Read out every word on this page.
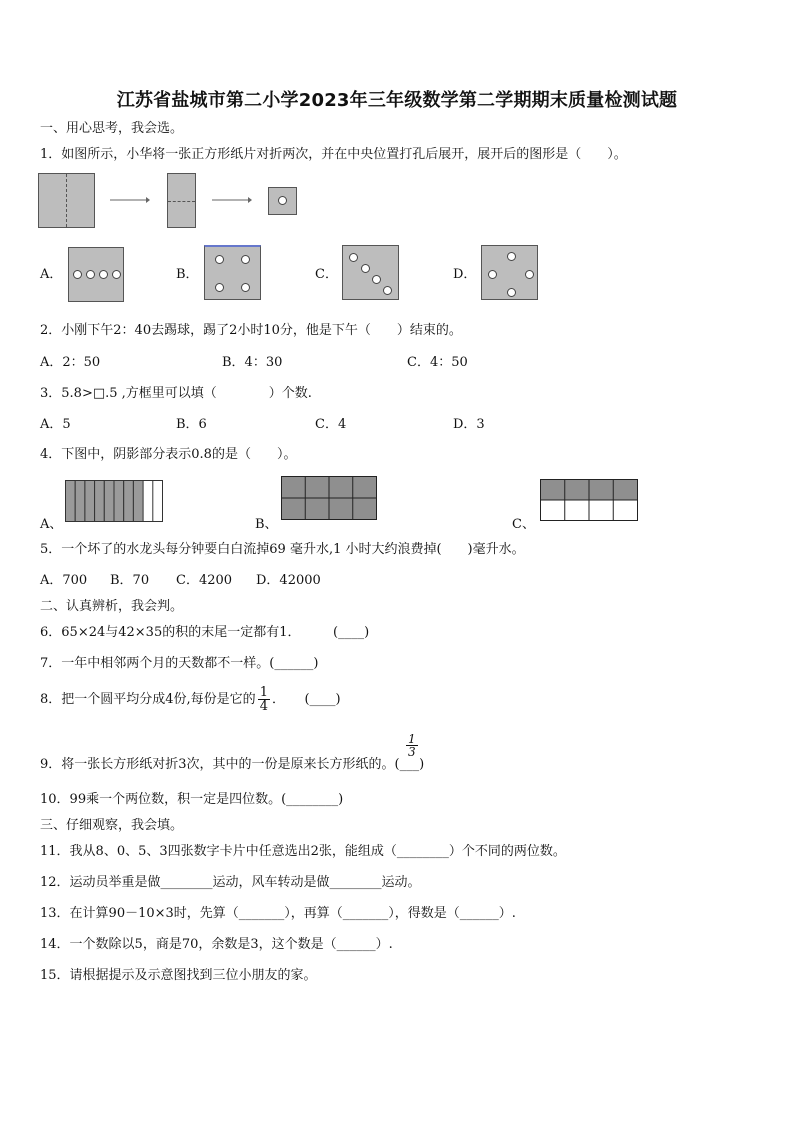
江苏省盐城市第二小学2023年三年级数学第二学期期末质量检测试题
一、用心思考，我会选。
1．如图所示，小华将一张正方形纸片对折两次，并在中央位置打孔后展开，展开后的图形是（　　）。
A．	B．	C．	D．
2．小刚下午2：40去踢球，踢了2小时10分，他是下午（　　）结束的。
A．2：50	B．4：30	C．4：50
3．5.8>□.5 ,方框里可以填（　　　　）个数.
A．5	B．6	C．4	D．3
4．下图中，阴影部分表示0.8的是（　　）。
A、	B、	C、
5．一个坏了的水龙头每分钟要白白流掉69 毫升水,1 小时大约浪费掉(　　)毫升水。
A．700 B．70 C．4200 D．42000
二、认真辨析，我会判。
6．65×24与42×35的积的末尾一定都有1．　　　(____)
7．一年中相邻两个月的天数都不一样。(______)
8．把一个圆平均分成4份,每份是它的 $\frac{1}{4}$ ．　　(____)
9．将一张长方形纸对折3次，其中的一份是原来长方形纸的。(___)
$\frac{1}{3}$
10．99乘一个两位数，积一定是四位数。(________)
三、仔细观察，我会填。
11．我从8、0、5、3四张数字卡片中任意选出2张，能组成（________）个不同的两位数。
12．运动员举重是做________运动，风车转动是做________运动。
13．在计算90－10×3时，先算（_______），再算（_______），得数是（______）.
14．一个数除以5，商是70，余数是3，这个数是（______）.
15．请根据提示及示意图找到三位小朋友的家。
